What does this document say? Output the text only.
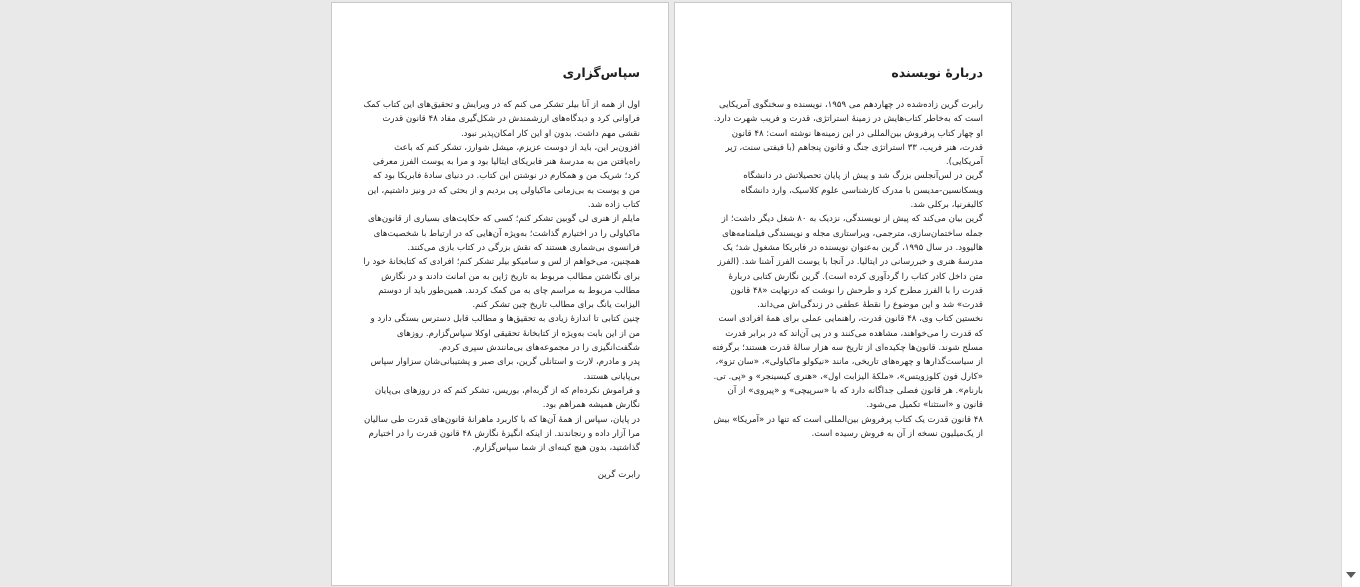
دربارهٔ نویسنده

رابرت گرین زاده‌شده در چهاردهم می ۱۹۵۹، نویسنده و سخنگوی آمریکایی است که به‌خاطر کتاب‌هایش در زمینهٔ استراتژی، قدرت و فریب شهرت دارد. او چهار کتاب پرفروش بین‌المللی در این زمینه‌ها نوشته است: ۴۸ قانون قدرت، هنر فریب، ۳۳ استراتژی جنگ و قانون پنجاهم (با فیفتی سنت، رَپر آمریکایی).

گرین در لس‌آنجلس بزرگ شد و پیش از پایان تحصیلاتش در دانشگاه ویسکانسین-مدیسن با مدرک کارشناسی علوم کلاسیک، وارد دانشگاه کالیفرنیا، برکلی شد.

گرین بیان می‌کند که پیش از نویسندگی، نزدیک به ۸۰ شغل دیگر داشت؛ از جمله ساختمان‌سازی، مترجمی، ویراستاری مجله و نویسندگی فیلمنامه‌های هالیوود. در سال ۱۹۹۵، گرین به‌عنوان نویسنده در فابریکا مشغول شد؛ یک مدرسهٔ هنری و خبررسانی در ایتالیا. در آنجا با یوست الفرز آشنا شد. (الفرز متن داخل کادر کتاب را گردآوری کرده است). گرین نگارش کتابی دربارهٔ قدرت را با الفرز مطرح کرد و طرحش را نوشت که درنهایت «۴۸ قانون قدرت» شد و این موضوع را نقطهٔ عطفی در زندگی‌اش می‌داند.

نخستین کتاب وی، ۴۸ قانون قدرت، راهنمایی عملی برای همهٔ افرادی است که قدرت را می‌خواهند، مشاهده می‌کنند و در پی آن‌اند که در برابر قدرت مسلح شوند. قانون‌ها چکیده‌ای از تاریخ سه هزار سالهٔ قدرت هستند؛ برگرفته از سیاست‌گذارها و چهره‌های تاریخی، مانند «نیکولو ماکیاولی»، «سان تزو»، «کارل فون کلوزویتس»، «ملکهٔ الیزابت اول»، «هنری کیسینجر» و «پی. تی. بارنام». هر قانون فصلی جداگانه دارد که با «سرپیچی» و «پیروی» از آن قانون و «استثنا» تکمیل می‌شود.

۴۸ قانون قدرت یک کتاب پرفروش بین‌المللی است که تنها در «آمریکا» بیش از یک‌میلیون نسخه از آن به فروش رسیده است.

سپاس‌گزاری

اول از همه از آنا بیلر تشکر می کنم که در ویرایش و تحقیق‌های این کتاب کمک فراوانی کرد و دیدگاه‌های ارزشمندش در شکل‌گیری مفاد ۴۸ قانون قدرت نقشی مهم داشت. بدون او این کار امکان‌پذیر نبود.

افزون‌بر این، باید از دوست عزیزم، میشل شوارز، تشکر کنم که باعث راه‌یافتن من به مدرسهٔ هنر فابریکای ایتالیا بود و مرا به یوست الفرز معرفی کرد؛ شریک من و همکارم در نوشتن این کتاب. در دنیای سادهٔ فابریکا بود که من و یوست به بی‌زمانی ماکیاولی پی بردیم و از بحثی که در ونیز داشتیم، این کتاب زاده شد.

مایلم از هنری لی گوبین تشکر کنم؛ کسی که حکایت‌های بسیاری از قانون‌های ماکیاولی را در اختیارم گذاشت؛ به‌ویژه آن‌هایی که در ارتباط با شخصیت‌های فرانسوی بی‌شماری هستند که نقش بزرگی در کتاب بازی می‌کنند.

همچنین، می‌خواهم از لس و سامیکو بیلر تشکر کنم؛ افرادی که کتابخانهٔ خود را برای نگاشتن مطالب مربوط به تاریخ ژاپن به من امانت دادند و در نگارش مطالب مربوط به مراسم چای به من کمک کردند. همین‌طور باید از دوستم الیزابت یانگ برای مطالب تاریخ چین تشکر کنم.

چنین کتابی تا اندازهٔ زیادی به تحقیق‌ها و مطالب قابل دسترس بستگی دارد و من از این بابت به‌ویژه از کتابخانهٔ تحقیقی اوکلا سپاس‌گزارم. روزهای شگفت‌انگیزی را در مجموعه‌های بی‌مانندش سپری کردم.

پدر و مادرم، لارت و استانلی گرین، برای صبر و پشتیبانی‌شان سزاوار سپاس بی‌پایانی هستند.

و فراموش نکرده‌ام که از گربه‌ام، بوریس، تشکر کنم که در روزهای بی‌پایان نگارش همیشه همراهم بود.

در پایان، سپاس از همهٔ آن‌ها که با کاربرد ماهرانهٔ قانون‌های قدرت طی سالیان مرا آزار داده و رنجاندند. از اینکه انگیزهٔ نگارش ۴۸ قانون قدرت را در اختیارم گذاشتید، بدون هیچ کینه‌ای از شما سپاس‌گزارم.

رابرت گرین
